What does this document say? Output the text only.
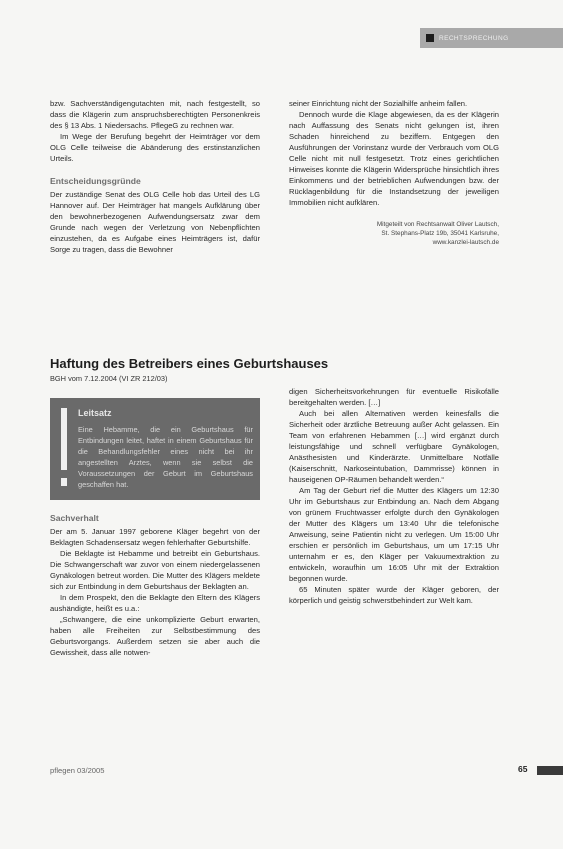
RECHTSPRECHUNG

bzw. Sachverständigengutachten mit, nach festgestellt, so dass die Klägerin zum anspruchsberechtigten Personenkreis des § 13 Abs. 1 Niedersachs. PflegeG zu rechnen war.

Im Wege der Berufung begehrt der Heimträger vor dem OLG Celle teilweise die Abänderung des erstinstanzlichen Urteils.

Entscheidungsgründe

Der zuständige Senat des OLG Celle hob das Urteil des LG Hannover auf. Der Heimträger hat mangels Aufklärung über den bewohnerbezogenen Aufwendungsersatz zwar dem Grunde nach wegen der Verletzung von Nebenpflichten einzustehen, da es Aufgabe eines Heimträgers ist, dafür Sorge zu tragen, dass die Bewohner

seiner Einrichtung nicht der Sozialhilfe anheim fallen.

Dennoch wurde die Klage abgewiesen, da es der Klägerin nach Auffassung des Senats nicht gelungen ist, ihren Schaden hinreichend zu beziffern. Entgegen den Ausführungen der Vorinstanz wurde der Verbrauch vom OLG Celle nicht mit null festgesetzt. Trotz eines gerichtlichen Hinweises konnte die Klägerin Widersprüche hinsichtlich ihres Einkommens und der betrieblichen Aufwendungen bzw. der Rücklagenbildung für die Instandsetzung der jeweiligen Immobilien nicht aufklären.

Mitgeteilt von Rechtsanwalt Oliver Lautsch,
St. Stephans-Platz 19b, 35041 Karlsruhe,
www.kanzlei-lautsch.de
Haftung des Betreibers eines Geburtshauses
BGH vom 7.12.2004 (VI ZR 212/03)
Leitsatz

Eine Hebamme, die ein Geburtshaus für Entbindungen leitet, haftet in einem Geburtshaus für die Behandlungsfehler eines nicht bei ihr angestellten Arztes, wenn sie selbst die Voraussetzungen der Geburt im Geburtshaus geschaffen hat.

Sachverhalt

Der am 5. Januar 1997 geborene Kläger begehrt von der Beklagten Schadensersatz wegen fehlerhafter Geburtshilfe.

Die Beklagte ist Hebamme und betreibt ein Geburtshaus. Die Schwangerschaft war zuvor von einem niedergelassenen Gynäkologen betreut worden. Die Mutter des Klägers meldete sich zur Entbindung in dem Geburtshaus der Beklagten an.

In dem Prospekt, den die Beklagte den Eltern des Klägers aushändigte, heißt es u.a.:

„Schwangere, die eine unkomplizierte Geburt erwarten, haben alle Freiheiten zur Selbstbestimmung des Geburtsvorgangs. Außerdem setzen sie aber auch die Gewissheit, dass alle notwen-

digen Sicherheitsvorkehrungen für eventuelle Risikofälle bereitgehalten werden. […]

Auch bei allen Alternativen werden keinesfalls die Sicherheit oder ärztliche Betreuung außer Acht gelassen. Ein Team von erfahrenen Hebammen […] wird ergänzt durch leistungsfähige und schnell verfügbare Gynäkologen, Anästhesisten und Kinderärzte. Unmittelbare Notfälle (Kaiserschnitt, Narkoseintubation, Dammrisse) können in hauseigenen OP-Räumen behandelt werden.“

Am Tag der Geburt rief die Mutter des Klägers um 12:30 Uhr im Geburtshaus zur Entbindung an. Nach dem Abgang von grünem Fruchtwasser erfolgte durch den Gynäkologen der Mutter des Klägers um 13:40 Uhr die telefonische Anweisung, seine Patientin nicht zu verlegen. Um 15:00 Uhr erschien er persönlich im Geburtshaus, um um 17:15 Uhr unternahm er es, den Kläger per Vakuumextraktion zu entwickeln, woraufhin um 16:05 Uhr mit der Extraktion begonnen wurde.

65 Minuten später wurde der Kläger geboren, der körperlich und geistig schwerstbehindert zur Welt kam.

pflegen 03/2005	65
